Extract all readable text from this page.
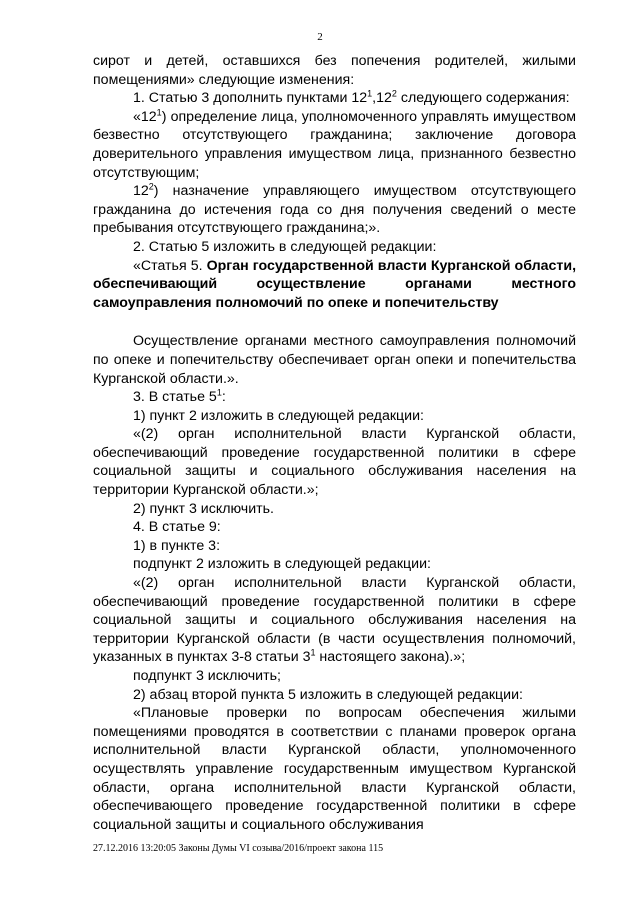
2

сирот и детей, оставшихся без попечения родителей, жилыми помещениями» следующие изменения:

1. Статью 3 дополнить пунктами $12^1,12^2$ следующего содержания:

«$12^1$) определение лица, уполномоченного управлять имуществом безвестно отсутствующего гражданина; заключение договора доверительного управления имуществом лица, признанного безвестно отсутствующим;

$12^2$) назначение управляющего имуществом отсутствующего гражданина до истечения года со дня получения сведений о месте пребывания отсутствующего гражданина;».

2. Статью 5 изложить в следующей редакции:

«Статья 5. Орган государственной власти Курганской области, обеспечивающий осуществление органами местного самоуправления полномочий по опеке и попечительству

Осуществление органами местного самоуправления полномочий по опеке и попечительству обеспечивает орган опеки и попечительства Курганской области.».

3. В статье $5^1$:

1) пункт 2 изложить в следующей редакции:

«(2) орган исполнительной власти Курганской области, обеспечивающий проведение государственной политики в сфере социальной защиты и социального обслуживания населения на территории Курганской области.»;

2) пункт 3 исключить.

4. В статье 9:

1) в пункте 3:

подпункт 2 изложить в следующей редакции:

«(2) орган исполнительной власти Курганской области, обеспечивающий проведение государственной политики в сфере социальной защиты и социального обслуживания населения на территории Курганской области (в части осуществления полномочий, указанных в пунктах 3-8 статьи $3^1$ настоящего закона).»;

подпункт 3 исключить;

2) абзац второй пункта 5 изложить в следующей редакции:

«Плановые проверки по вопросам обеспечения жилыми помещениями проводятся в соответствии с планами проверок органа исполнительной власти Курганской области, уполномоченного осуществлять управление государственным имуществом Курганской области, органа исполнительной власти Курганской области, обеспечивающего проведение государственной политики в сфере социальной защиты и социального обслуживания

27.12.2016 13:20:05 Законы Думы VI созыва/2016/проект закона 115
